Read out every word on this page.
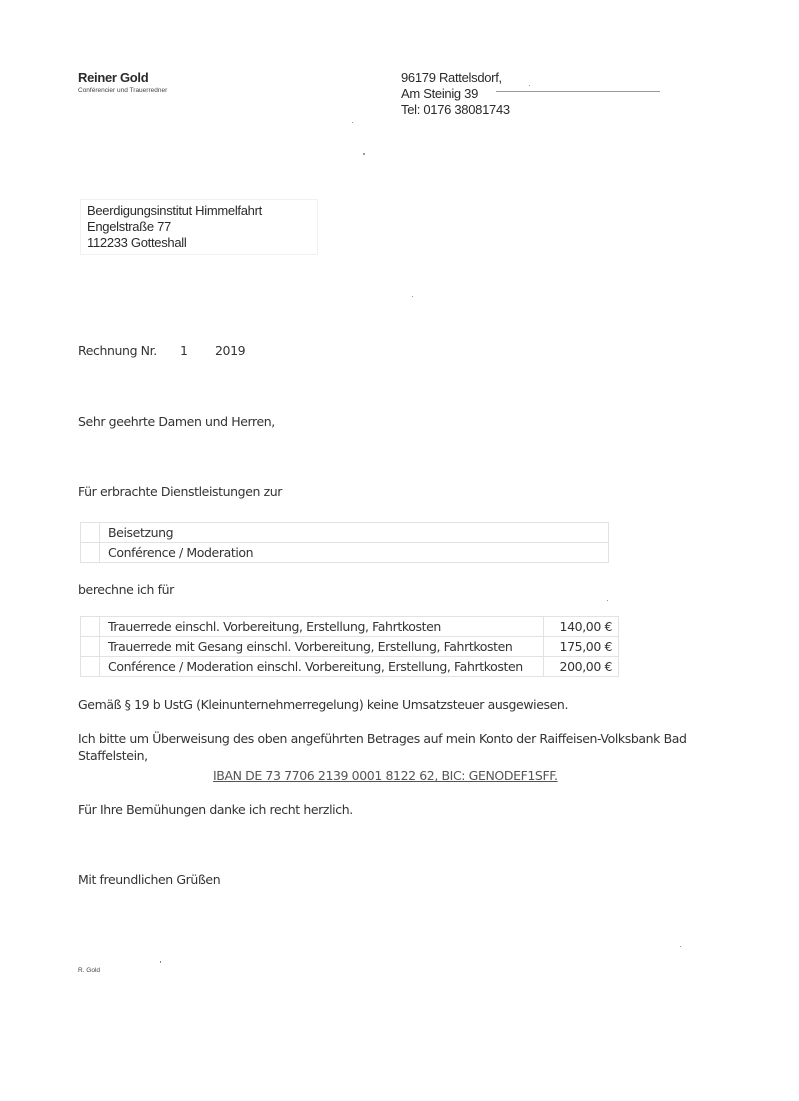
Reiner Gold
Conférencier und Trauerredner
96179 Rattelsdorf,
Am Steinig 39
Tel: 0176 38081743
Beerdigungsinstitut Himmelfahrt
Engelstraße 77
112233 Gotteshall
Rechnung Nr. 1 2019
Sehr geehrte Damen und Herren,
Für erbrachte Dienstleistungen zur
	Beisetzung
	Conférence / Moderation
berechne ich für
	Trauerrede einschl. Vorbereitung, Erstellung, Fahrtkosten	140,00 €
	Trauerrede mit Gesang einschl. Vorbereitung, Erstellung, Fahrtkosten	175,00 €
	Conférence / Moderation einschl. Vorbereitung, Erstellung, Fahrtkosten	200,00 €
Gemäß § 19 b UstG (Kleinunternehmerregelung) keine Umsatzsteuer ausgewiesen.
Ich bitte um Überweisung des oben angeführten Betrages auf mein Konto der Raiffeisen-Volksbank Bad
Staffelstein,
IBAN DE 73 7706 2139 0001 8122 62, BIC: GENODEF1SFF.
Für Ihre Bemühungen danke ich recht herzlich.
Mit freundlichen Grüßen
R. Gold
